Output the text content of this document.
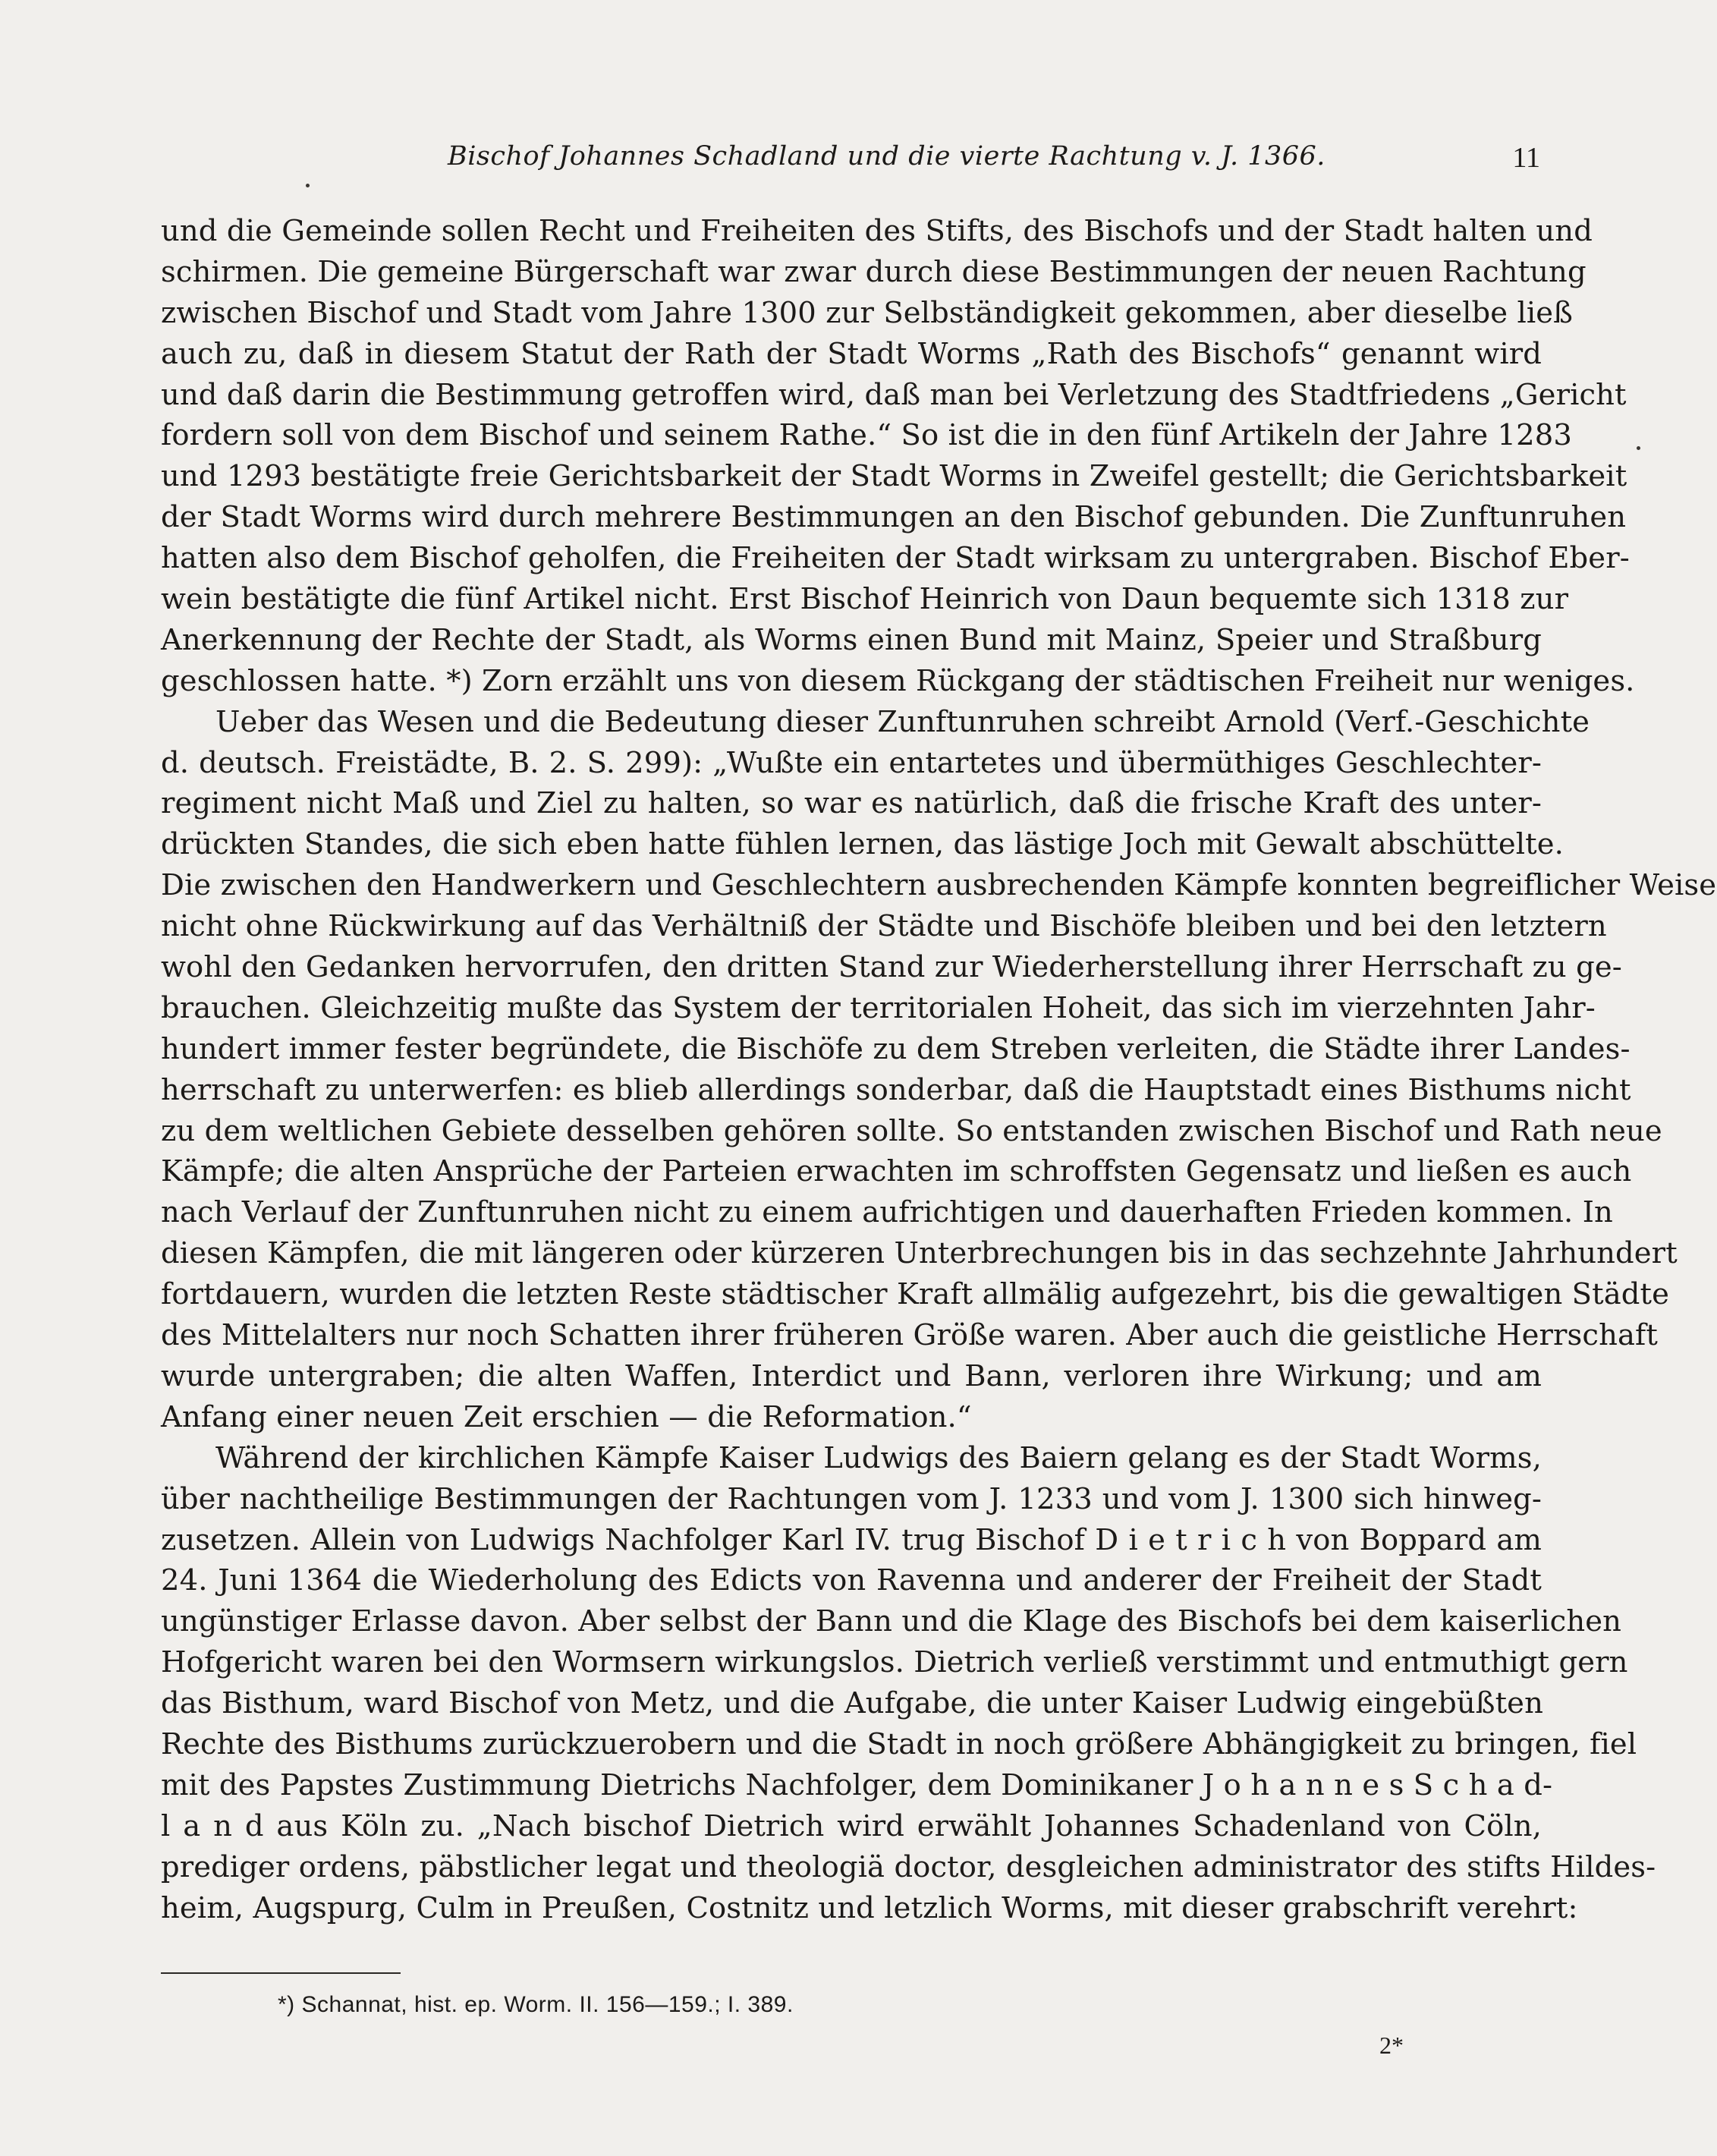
Bischof Johannes Schadland und die vierte Rachtung v. J. 1366.	11
und die Gemeinde sollen Recht und Freiheiten des Stifts, des Bischofs und der Stadt halten und
schirmen. Die gemeine Bürgerschaft war zwar durch diese Bestimmungen der neuen Rachtung
zwischen Bischof und Stadt vom Jahre 1300 zur Selbständigkeit gekommen, aber dieselbe ließ
auch zu, daß in diesem Statut der Rath der Stadt Worms „Rath des Bischofs“ genannt wird
und daß darin die Bestimmung getroffen wird, daß man bei Verletzung des Stadtfriedens „Gericht
fordern soll von dem Bischof und seinem Rathe.“ So ist die in den fünf Artikeln der Jahre 1283
und 1293 bestätigte freie Gerichtsbarkeit der Stadt Worms in Zweifel gestellt; die Gerichtsbarkeit
der Stadt Worms wird durch mehrere Bestimmungen an den Bischof gebunden. Die Zunftunruhen
hatten also dem Bischof geholfen, die Freiheiten der Stadt wirksam zu untergraben. Bischof Eber-
wein bestätigte die fünf Artikel nicht. Erst Bischof Heinrich von Daun bequemte sich 1318 zur
Anerkennung der Rechte der Stadt, als Worms einen Bund mit Mainz, Speier und Straßburg
geschlossen hatte. *) Zorn erzählt uns von diesem Rückgang der städtischen Freiheit nur weniges.
Ueber das Wesen und die Bedeutung dieser Zunftunruhen schreibt Arnold (Verf.-Geschichte
d. deutsch. Freistädte, B. 2. S. 299): „Wußte ein entartetes und übermüthiges Geschlechter-
regiment nicht Maß und Ziel zu halten, so war es natürlich, daß die frische Kraft des unter-
drückten Standes, die sich eben hatte fühlen lernen, das lästige Joch mit Gewalt abschüttelte.
Die zwischen den Handwerkern und Geschlechtern ausbrechenden Kämpfe konnten begreiflicher Weise
nicht ohne Rückwirkung auf das Verhältniß der Städte und Bischöfe bleiben und bei den letztern
wohl den Gedanken hervorrufen, den dritten Stand zur Wiederherstellung ihrer Herrschaft zu ge-
brauchen. Gleichzeitig mußte das System der territorialen Hoheit, das sich im vierzehnten Jahr-
hundert immer fester begründete, die Bischöfe zu dem Streben verleiten, die Städte ihrer Landes-
herrschaft zu unterwerfen: es blieb allerdings sonderbar, daß die Hauptstadt eines Bisthums nicht
zu dem weltlichen Gebiete desselben gehören sollte. So entstanden zwischen Bischof und Rath neue
Kämpfe; die alten Ansprüche der Parteien erwachten im schroffsten Gegensatz und ließen es auch
nach Verlauf der Zunftunruhen nicht zu einem aufrichtigen und dauerhaften Frieden kommen. In
diesen Kämpfen, die mit längeren oder kürzeren Unterbrechungen bis in das sechzehnte Jahrhundert
fortdauern, wurden die letzten Reste städtischer Kraft allmälig aufgezehrt, bis die gewaltigen Städte
des Mittelalters nur noch Schatten ihrer früheren Größe waren. Aber auch die geistliche Herrschaft
wurde untergraben; die alten Waffen, Interdict und Bann, verloren ihre Wirkung; und am
Anfang einer neuen Zeit erschien — die Reformation.“
Während der kirchlichen Kämpfe Kaiser Ludwigs des Baiern gelang es der Stadt Worms,
über nachtheilige Bestimmungen der Rachtungen vom J. 1233 und vom J. 1300 sich hinweg-
zusetzen. Allein von Ludwigs Nachfolger Karl IV. trug Bischof D i e t r i c h von Boppard am
24. Juni 1364 die Wiederholung des Edicts von Ravenna und anderer der Freiheit der Stadt
ungünstiger Erlasse davon. Aber selbst der Bann und die Klage des Bischofs bei dem kaiserlichen
Hofgericht waren bei den Wormsern wirkungslos. Dietrich verließ verstimmt und entmuthigt gern
das Bisthum, ward Bischof von Metz, und die Aufgabe, die unter Kaiser Ludwig eingebüßten
Rechte des Bisthums zurückzuerobern und die Stadt in noch größere Abhängigkeit zu bringen, fiel
mit des Papstes Zustimmung Dietrichs Nachfolger, dem Dominikaner J o h a n n e s S c h a d-
l a n d aus Köln zu. „Nach bischof Dietrich wird erwählt Johannes Schadenland von Cöln,
prediger ordens, päbstlicher legat und theologiä doctor, desgleichen administrator des stifts Hildes-
heim, Augspurg, Culm in Preußen, Costnitz und letzlich Worms, mit dieser grabschrift verehrt:
*) Schannat, hist. ep. Worm. II. 156—159.; I. 389.
2*
